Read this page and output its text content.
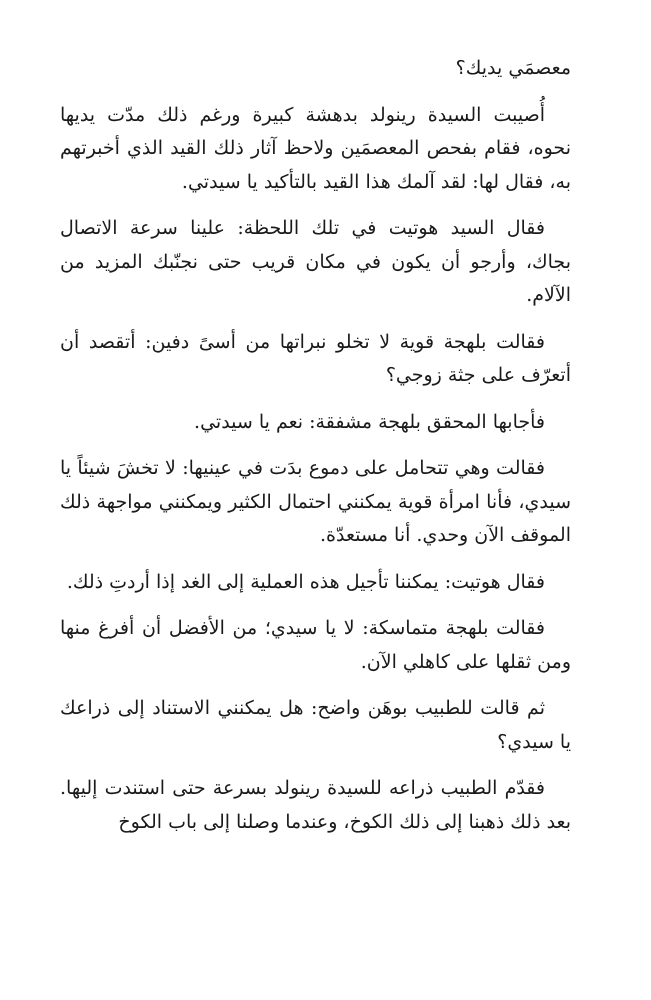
معصمَي يديك؟

أُصيبت السيدة رينولد بدهشة كبيرة ورغم ذلك مدّت يديها نحوه، فقام بفحص المعصمَين ولاحظ آثار ذلك القيد الذي أخبرتهم به، فقال لها: لقد آلمك هذا القيد بالتأكيد يا سيدتي.

فقال السيد هوتيت في تلك اللحظة: علينا سرعة الاتصال بجاك، وأرجو أن يكون في مكان قريب حتى نجنّبك المزيد من الآلام.

فقالت بلهجة قوية لا تخلو نبراتها من أسىً دفين: أتقصد أن أتعرّف على جثة زوجي؟

فأجابها المحقق بلهجة مشفقة: نعم يا سيدتي.

فقالت وهي تتحامل على دموع بدَت في عينيها: لا تخشَ شيئاً يا سيدي، فأنا امرأة قوية يمكنني احتمال الكثير ويمكنني مواجهة ذلك الموقف الآن وحدي. أنا مستعدّة.

فقال هوتيت: يمكننا تأجيل هذه العملية إلى الغد إذا أردتِ ذلك.

فقالت بلهجة متماسكة: لا يا سيدي؛ من الأفضل أن أفرغ منها ومن ثقلها على كاهلي الآن.

ثم قالت للطبيب بوهَن واضح: هل يمكنني الاستناد إلى ذراعك يا سيدي؟

فقدّم الطبيب ذراعه للسيدة رينولد بسرعة حتى استندت إليها. بعد ذلك ذهبنا إلى ذلك الكوخ، وعندما وصلنا إلى باب الكوخ
